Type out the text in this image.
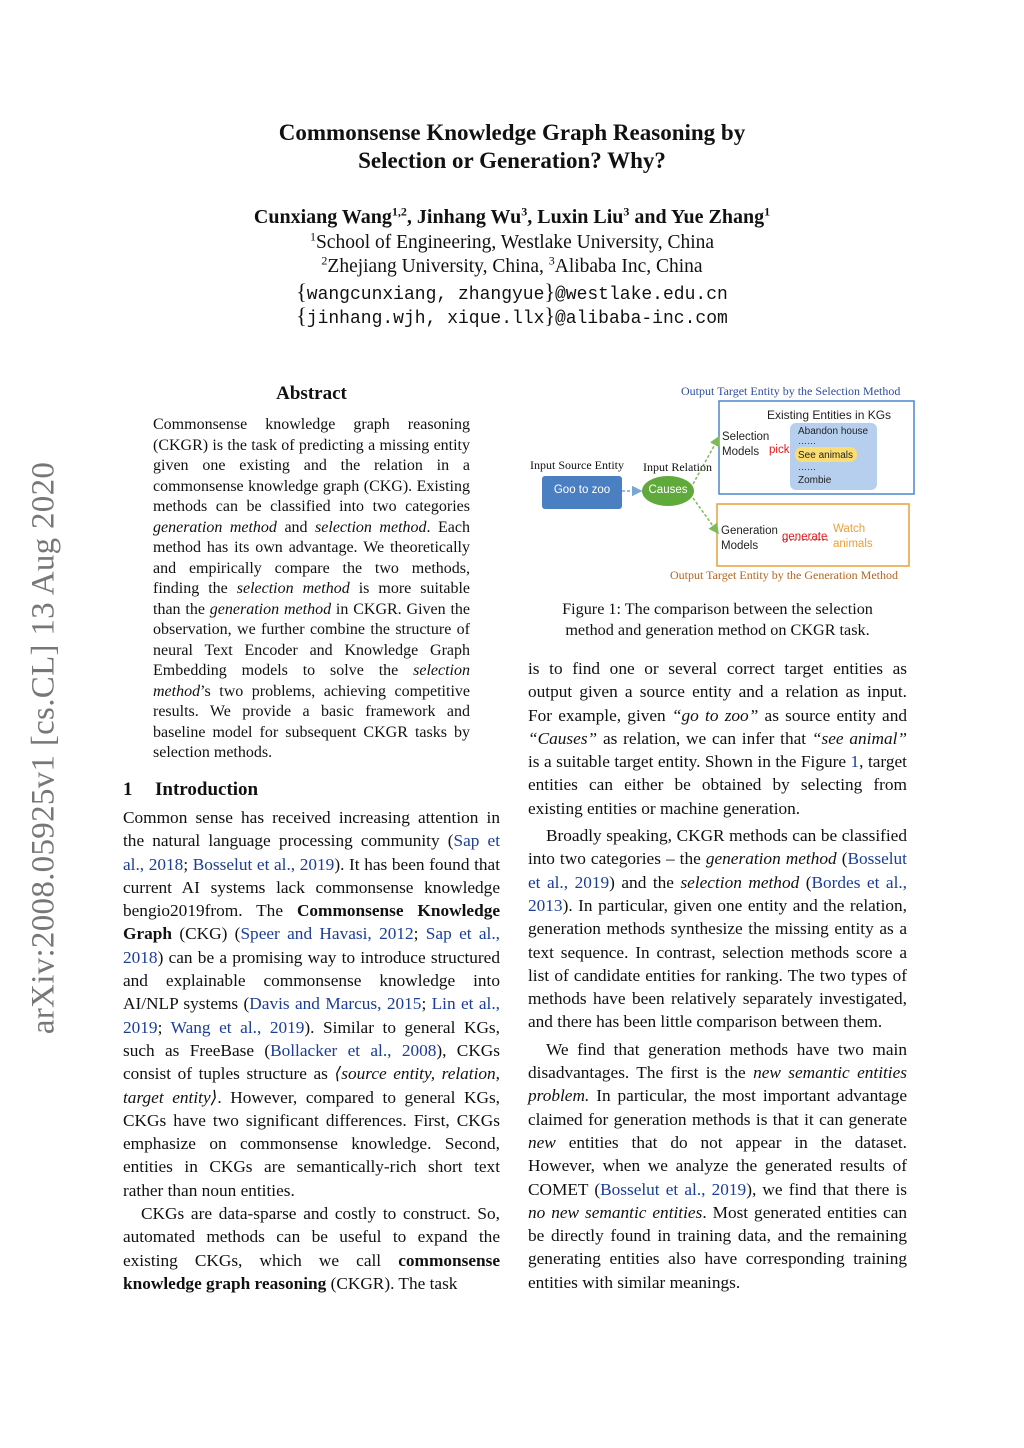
arXiv:2008.05925v1 [cs.CL] 13 Aug 2020
Commonsense Knowledge Graph Reasoning by
Selection or Generation? Why?
Cunxiang Wang$^{1,2}$, Jinhang Wu$^3$, Luxin Liu$^3$ and Yue Zhang$^1$
$^1$School of Engineering, Westlake University, China
$^2$Zhejiang University, China, $^3$Alibaba Inc, China
{wangcunxiang, zhangyue}@westlake.edu.cn
{jinhang.wjh, xique.llx}@alibaba-inc.com
Abstract

Commonsense knowledge graph reasoning (CKGR) is the task of predicting a missing entity given one existing and the relation in a commonsense knowledge graph (CKG). Existing methods can be classified into two categories generation method and selection method. Each method has its own advantage. We theoretically and empirically compare the two methods, finding the selection method is more suitable than the generation method in CKGR. Given the observation, we further combine the structure of neural Text Encoder and Knowledge Graph Embedding models to solve the selection method’s two problems, achieving competitive results. We provide a basic framework and baseline model for subsequent CKGR tasks by selection methods.

1 Introduction

Common sense has received increasing attention in the natural language processing community (Sap et al., 2018; Bosselut et al., 2019). It has been found that current AI systems lack commonsense knowledge bengio2019from. The Commonsense Knowledge Graph (CKG) (Speer and Havasi, 2012; Sap et al., 2018) can be a promising way to introduce structured and explainable commonsense knowledge into AI/NLP systems (Davis and Marcus, 2015; Lin et al., 2019; Wang et al., 2019). Similar to general KGs, such as FreeBase (Bollacker et al., 2008), CKGs consist of tuples structure as ⟨source entity, relation, target entity⟩. However, compared to general KGs, CKGs have two significant differences. First, CKGs emphasize on commonsense knowledge. Second, entities in CKGs are semantically-rich short text rather than noun entities.

CKGs are data-sparse and costly to construct. So, automated methods can be useful to expand the existing CKGs, which we call commonsense knowledge graph reasoning (CKGR). The task

Output Target Entity by the Selection Method
Existing Entities in KGs
Selection
Models pick
Abandon house
……
See animals
……
Zombie
Input Source Entity Input Relation
Goo to zoo	Causes
Generation
Models
generate
Watch
animals
Output Target Entity by the Generation Method
Figure 1: The comparison between the selection method and generation method on CKGR task.

is to find one or several correct target entities as output given a source entity and a relation as input. For example, given “go to zoo” as source entity and “Causes” as relation, we can infer that “see animal” is a suitable target entity. Shown in the Figure 1, target entities can either be obtained by selecting from existing entities or machine generation.

Broadly speaking, CKGR methods can be classified into two categories – the generation method (Bosselut et al., 2019) and the selection method (Bordes et al., 2013). In particular, given one entity and the relation, generation methods synthesize the missing entity as a text sequence. In contrast, selection methods score a list of candidate entities for ranking. The two types of methods have been relatively separately investigated, and there has been little comparison between them.

We find that generation methods have two main disadvantages. The first is the new semantic entities problem. In particular, the most important advantage claimed for generation methods is that it can generate new entities that do not appear in the dataset. However, when we analyze the generated results of COMET (Bosselut et al., 2019), we find that there is no new semantic entities. Most generated entities can be directly found in training data, and the remaining generating entities also have corresponding training entities with similar meanings.
